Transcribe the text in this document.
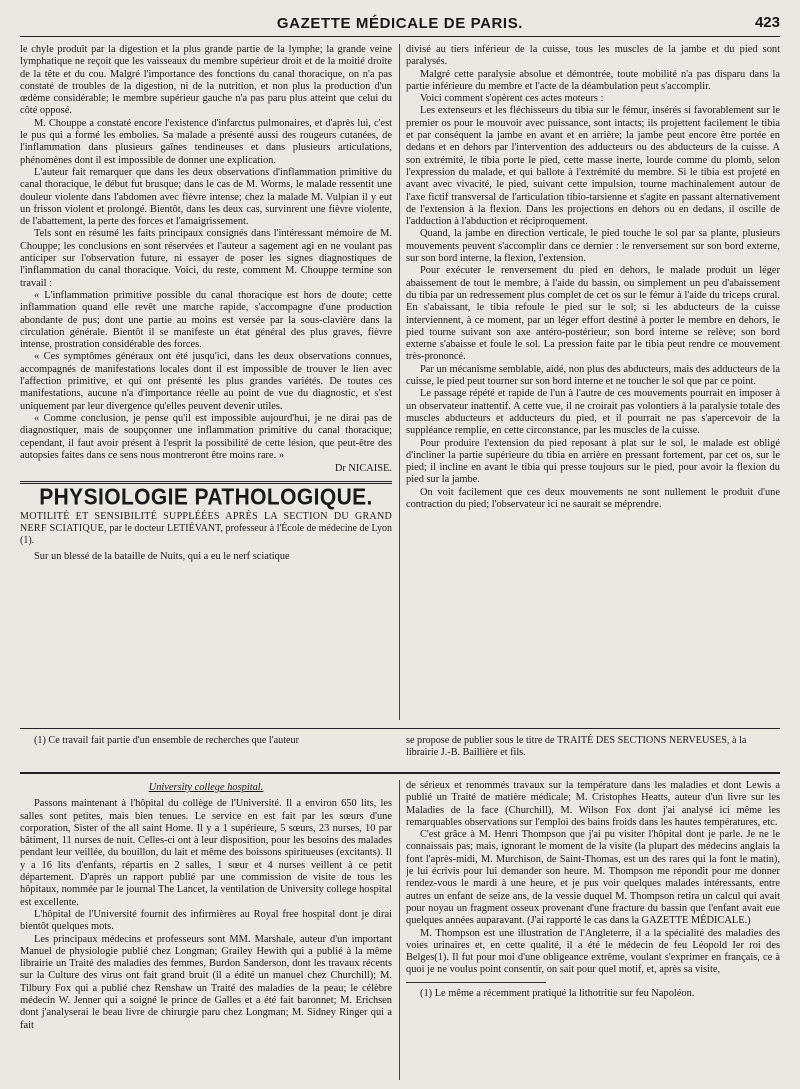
GAZETTE MÉDICALE DE PARIS.	423

le chyle produit par la digestion et la plus grande partie de la lymphe; la grande veine lymphatique ne reçoit que les vaisseaux du membre supérieur droit et de la moitié droite de la tête et du cou. Malgré l'importance des fonctions du canal thoracique, on n'a pas constaté de troubles de la digestion, ni de la nutrition, et non plus la production d'un œdème considérable; le membre supérieur gauche n'a pas paru plus atteint que celui du côté opposé.

M. Chouppe a constaté encore l'existence d'infarctus pulmonaires, et d'après lui, c'est le pus qui a formé les embolies. Sa malade a présenté aussi des rougeurs cutanées, de l'inflammation dans plusieurs gaînes tendineuses et dans plusieurs articulations, phénomènes dont il est impossible de donner une explication.

L'auteur fait remarquer que dans les deux observations d'inflammation primitive du canal thoracique, le début fut brusque; dans le cas de M. Worms, le malade ressentit une douleur violente dans l'abdomen avec fièvre intense; chez la malade M. Vulpian il y eut un frisson violent et prolongé. Bientôt, dans les deux cas, survinrent une fièvre violente, de l'abattement, la perte des forces et l'amaigrissement.

Tels sont en résumé les faits principaux consignés dans l'intéressant mémoire de M. Chouppe; les conclusions en sont réservées et l'auteur a sagement agi en ne voulant pas anticiper sur l'observation future, ni essayer de poser les signes diagnostiques de l'inflammation du canal thoracique. Voici, du reste, comment M. Chouppe termine son travail :

« L'inflammation primitive possible du canal thoracique est hors de doute; cette inflammation quand elle revêt une marche rapide, s'accompagne d'une production abondante de pus; dont une partie au moins est versée par la sous-clavière dans la circulation générale. Bientôt il se manifeste un état général des plus graves, fièvre intense, prostration considérable des forces.

« Ces symptômes généraux ont été jusqu'ici, dans les deux observations connues, accompagnés de manifestations locales dont il est impossible de trouver le lien avec l'affection primitive, et qui ont présenté les plus grandes variétés. De toutes ces manifestations, aucune n'a d'importance réelle au point de vue du diagnostic, et s'est uniquement par leur divergence qu'elles peuvent devenir utiles.

« Comme conclusion, je pense qu'il est impossible aujourd'hui, je ne dirai pas de diagnostiquer, mais de soupçonner une inflammation primitive du canal thoracique; cependant, il faut avoir présent à l'esprit la possibilité de cette lésion, que peut-être des autopsies faites dans ce sens nous montreront être moins rare. »

Dr NICAISE.
PHYSIOLOGIE PATHOLOGIQUE.

MOTILITÉ ET SENSIBILITÉ SUPPLÉÉES APRÈS LA SECTION DU GRAND NERF SCIATIQUE, par le docteur LETIÉVANT, professeur à l'École de médecine de Lyon (1).

Sur un blessé de la bataille de Nuits, qui a eu le nerf sciatique

divisé au tiers inférieur de la cuisse, tous les muscles de la jambe et du pied sont paralysés.

Malgré cette paralysie absolue et démontrée, toute mobilité n'a pas disparu dans la partie inférieure du membre et l'acte de la déambulation peut s'accomplir.

Voici comment s'opèrent ces actes moteurs :

Les extenseurs et les fléchisseurs du tibia sur le fémur, insérés si favorablement sur le premier os pour le mouvoir avec puissance, sont intacts; ils projettent facilement le tibia et par conséquent la jambe en avant et en arrière; la jambe peut encore être portée en dedans et en dehors par l'intervention des adducteurs ou des abducteurs de la cuisse. A son extrémité, le tibia porte le pied, cette masse inerte, lourde comme du plomb, selon l'expression du malade, et qui ballote à l'extrémité du membre. Si le tibia est projeté en avant avec vivacité, le pied, suivant cette impulsion, tourne machinalement autour de l'axe fictif transversal de l'articulation tibio-tarsienne et s'agite en passant alternativement de l'extension à la flexion. Dans les projections en dehors ou en dedans, il oscille de l'adduction à l'abduction et réciproquement.

Quand, la jambe en direction verticale, le pied touche le sol par sa plante, plusieurs mouvements peuvent s'accomplir dans ce dernier : le renversement sur son bord externe, sur son bord interne, la flexion, l'extension.

Pour exécuter le renversement du pied en dehors, le malade produit un léger abaissement de tout le membre, à l'aide du bassin, ou simplement un peu d'abaissement du tibia par un redressement plus complet de cet os sur le fémur à l'aide du triceps crural. En s'abaissant, le tibia refoule le pied sur le sol; si les abducteurs de la cuisse interviennent, à ce moment, par un léger effort destiné à porter le membre en dehors, le pied tourne suivant son axe antéro-postérieur; son bord interne se relève; son bord externe s'abaisse et foule le sol. La pression faite par le tibia peut rendre ce mouvement très-prononcé.

Par un mécanisme semblable, aidé, non plus des abducteurs, mais des adducteurs de la cuisse, le pied peut tourner sur son bord interne et ne toucher le sol que par ce point.

Le passage répété et rapide de l'un à l'autre de ces mouvements pourrait en imposer à un observateur inattentif. A cette vue, il ne croirait pas volontiers à la paralysie totale des muscles abducteurs et adducteurs du pied, et il pourrait ne pas s'apercevoir de la suppléance remplie, en cette circonstance, par les muscles de la cuisse.

Pour produire l'extension du pied reposant à plat sur le sol, le malade est obligé d'incliner la partie supérieure du tibia en arrière en pressant fortement, par cet os, sur le pied; il incline en avant le tibia qui presse toujours sur le pied, pour avoir la flexion du pied sur la jambe.

On voit facilement que ces deux mouvements ne sont nullement le produit d'une contraction du pied; l'observateur ici ne saurait se méprendre.

(1) Ce travail fait partie d'un ensemble de recherches que l'auteur	se propose de publier sous le titre de TRAITÉ DES SECTIONS NERVEUSES, à la librairie J.-B. Baillière et fils.

University college hospital.

Passons maintenant à l'hôpital du collège de l'Université. Il a environ 650 lits, les salles sont petites, mais bien tenues. Le service en est fait par les sœurs d'une corporation, Sister of the all saint Home. Il y a 1 supérieure, 5 sœurs, 23 nurses, 10 par bâtiment, 11 nurses de nuit. Celles-ci ont à leur disposition, pour les besoins des malades pendant leur veillée, du bouillon, du lait et même des boissons spiritueuses (excitants). Il y a 16 lits d'enfants, répartis en 2 salles, 1 sœur et 4 nurses veillent à ce petit département. D'après un rapport publié par une commission de visite de tous les hôpitaux, nommée par le journal The Lancet, la ventilation de University college hospital est excellente.

L'hôpital de l'Université fournit des infirmières au Royal free hospital dont je dirai bientôt quelques mots.

Les principaux médecins et professeurs sont MM. Marshale, auteur d'un important Manuel de physiologie publié chez Longman; Grailey Hewith qui a publié à la même librairie un Traité des maladies des femmes, Burdon Sanderson, dont les travaux récents sur la Culture des virus ont fait grand bruit (il a édité un manuel chez Churchill); M. Tilbury Fox qui a publié chez Renshaw un Traité des maladies de la peau; le célèbre médecin W. Jenner qui a soigné le prince de Galles et a été fait baronnet; M. Erichsen dont j'analyserai le beau livre de chirurgie paru chez Longman; M. Sidney Ringer qui a fait

de sérieux et renommés travaux sur la température dans les maladies et dont Lewis a publié un Traité de matière médicale; M. Cristophes Heatts, auteur d'un livre sur les Maladies de la face (Churchill), M. Wilson Fox dont j'ai analysé ici même les remarquables observations sur l'emploi des bains froids dans les hautes températures, etc.

C'est grâce à M. Henri Thompson que j'ai pu visiter l'hôpital dont je parle. Je ne le connaissais pas; mais, ignorant le moment de la visite (la plupart des médecins anglais la font l'après-midi, M. Murchison, de Saint-Thomas, est un des rares qui la font le matin), je lui écrivis pour lui demander son heure. M. Thompson me répondit pour me donner rendez-vous le mardi à une heure, et je pus voir quelques malades intéressants, entre autres un enfant de seize ans, de la vessie duquel M. Thompson retira un calcul qui avait pour noyau un fragment osseux provenant d'une fracture du bassin que l'enfant avait eue quelques années auparavant. (J'ai rapporté le cas dans la GAZETTE MÉDICALE.)

M. Thompson est une illustration de l'Angleterre, il a la spécialité des maladies des voies urinaires et, en cette qualité, il a été le médecin de feu Léopold Ier roi des Belges(1). Il fut pour moi d'une obligeance extrême, voulant s'exprimer en français, ce à quoi je ne voulus point consentir, on sait pour quel motif, et, après sa visite,

(1) Le même a récemment pratiqué la lithotritie sur feu Napoléon.
